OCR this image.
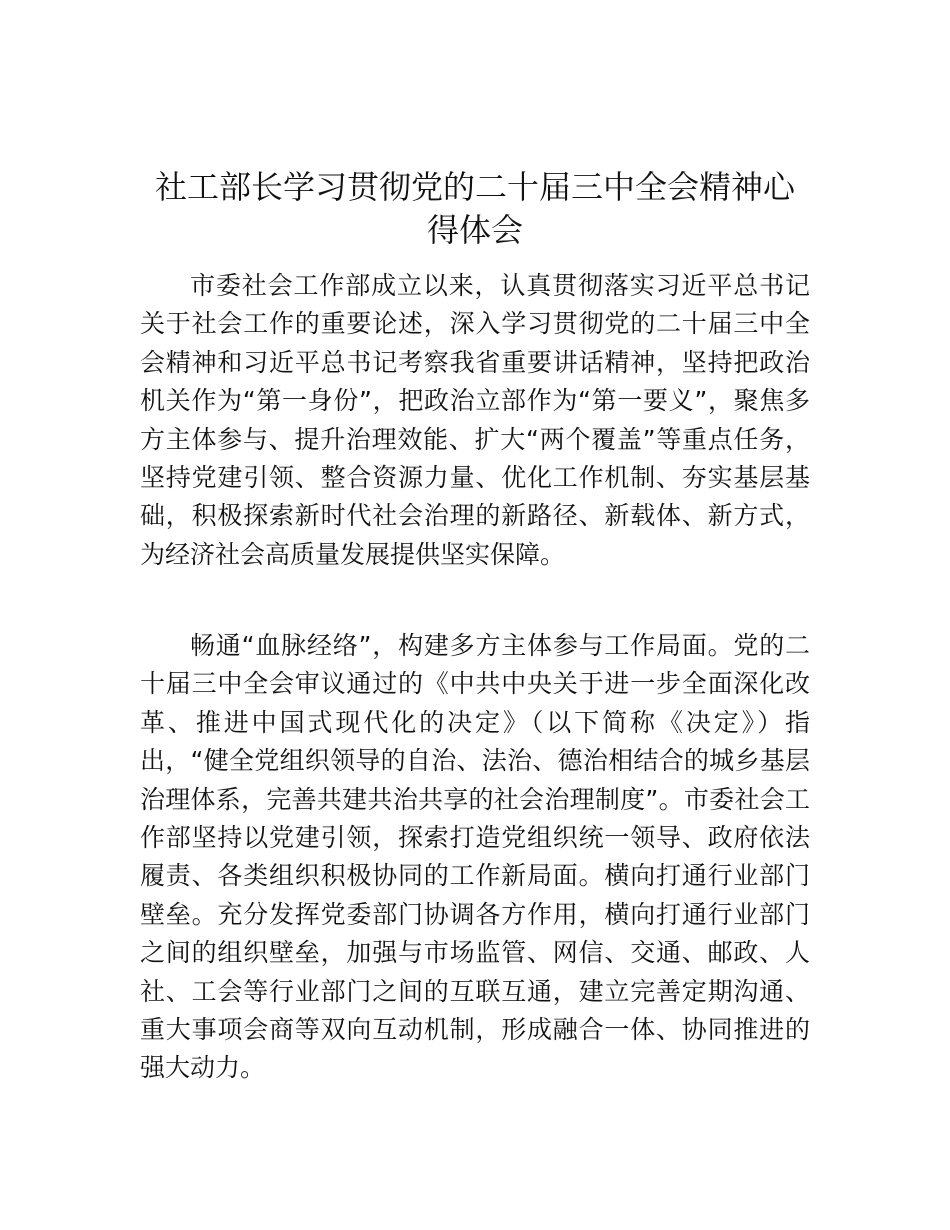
社工部长学习贯彻党的二十届三中全会精神心得体会

市委社会工作部成立以来，认真贯彻落实习近平总书记关于社会工作的重要论述，深入学习贯彻党的二十届三中全会精神和习近平总书记考察我省重要讲话精神，坚持把政治机关作为“第一身份”，把政治立部作为“第一要义”，聚焦多方主体参与、提升治理效能、扩大“两个覆盖”等重点任务，坚持党建引领、整合资源力量、优化工作机制、夯实基层基础，积极探索新时代社会治理的新路径、新载体、新方式，为经济社会高质量发展提供坚实保障。

畅通“血脉经络”，构建多方主体参与工作局面。党的二十届三中全会审议通过的《中共中央关于进一步全面深化改革、推进中国式现代化的决定》（以下简称《决定》）指出，“健全党组织领导的自治、法治、德治相结合的城乡基层治理体系，完善共建共治共享的社会治理制度”。市委社会工作部坚持以党建引领，探索打造党组织统一领导、政府依法履责、各类组织积极协同的工作新局面。横向打通行业部门壁垒。充分发挥党委部门协调各方作用，横向打通行业部门之间的组织壁垒，加强与市场监管、网信、交通、邮政、人社、工会等行业部门之间的互联互通，建立完善定期沟通、重大事项会商等双向互动机制，形成融合一体、协同推进的强大动力。
